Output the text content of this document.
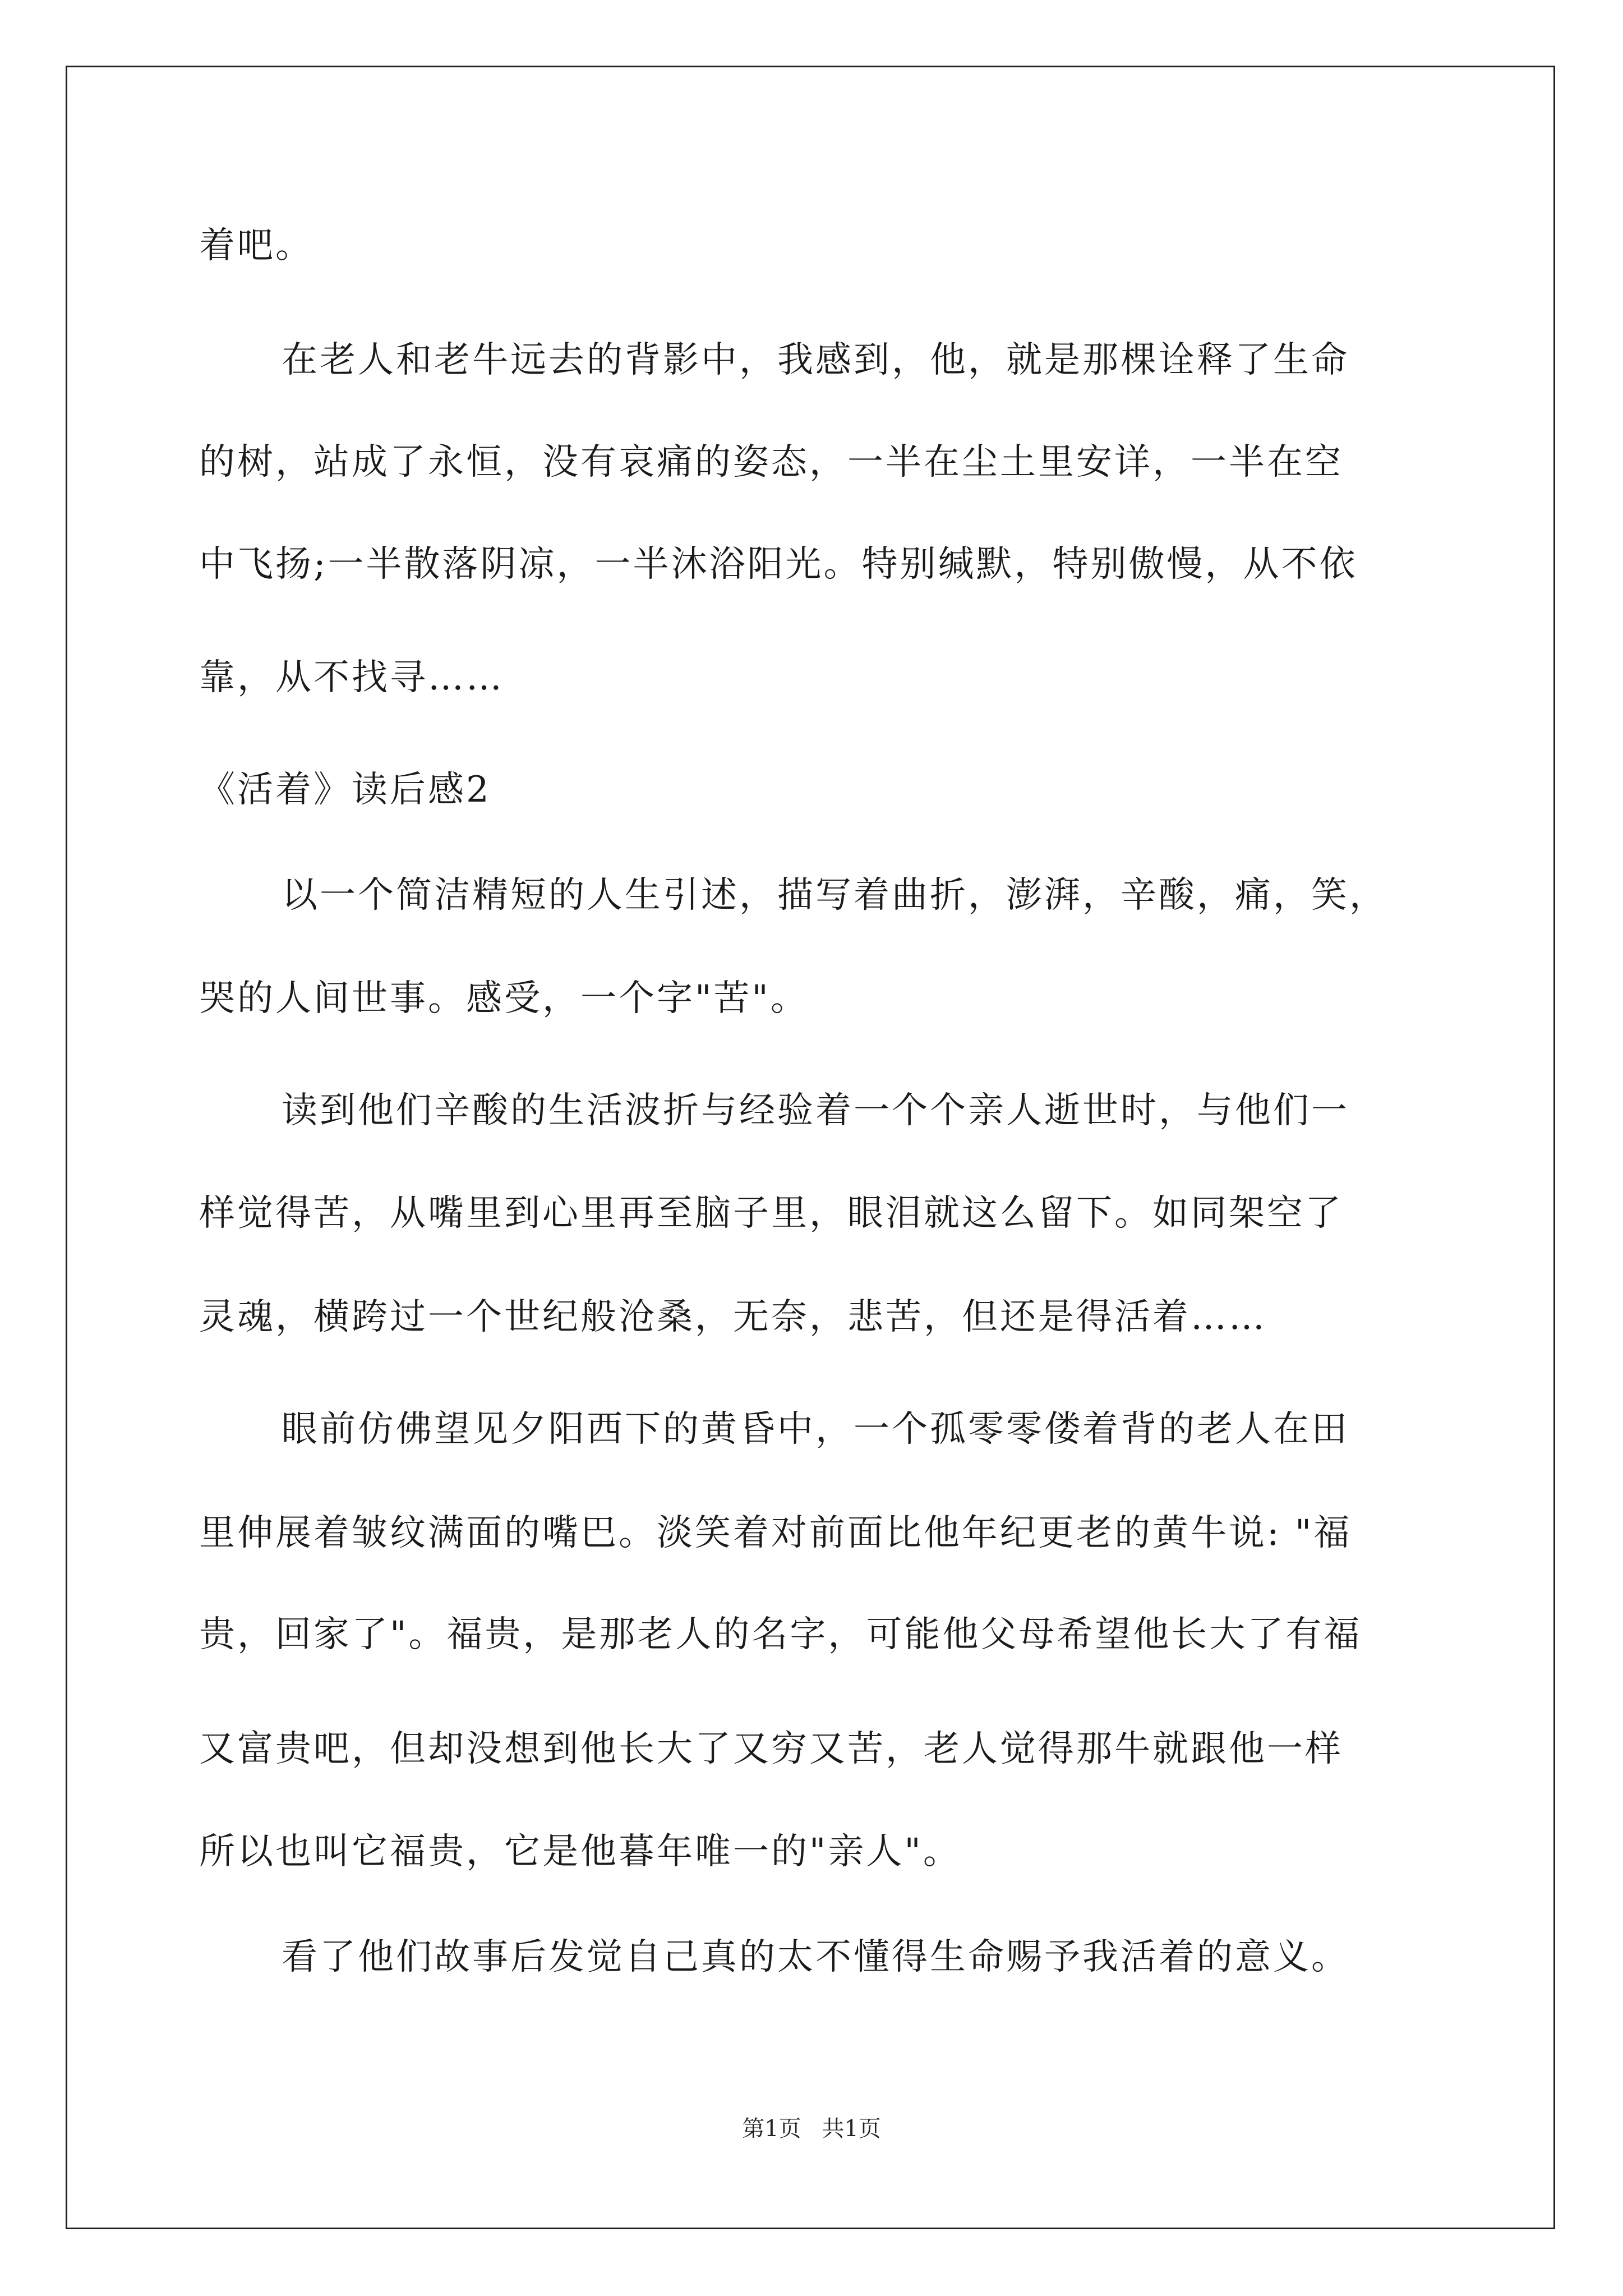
着吧。
在老人和老牛远去的背影中，我感到，他，就是那棵诠释了生命
的树，站成了永恒，没有哀痛的姿态，一半在尘土里安详，一半在空
中飞扬;一半散落阴凉，一半沐浴阳光。特别缄默，特别傲慢，从不依
靠，从不找寻……
《活着》读后感2
以一个简洁精短的人生引述，描写着曲折，澎湃，辛酸，痛，笑，
哭的人间世事。感受，一个字"苦"。
读到他们辛酸的生活波折与经验着一个个亲人逝世时，与他们一
样觉得苦，从嘴里到心里再至脑子里，眼泪就这么留下。如同架空了
灵魂，横跨过一个世纪般沧桑，无奈，悲苦，但还是得活着……
眼前仿佛望见夕阳西下的黄昏中，一个孤零零偻着背的老人在田
里伸展着皱纹满面的嘴巴。淡笑着对前面比他年纪更老的黄牛说: "福
贵，回家了"。福贵，是那老人的名字，可能他父母希望他长大了有福
又富贵吧，但却没想到他长大了又穷又苦，老人觉得那牛就跟他一样
所以也叫它福贵，它是他暮年唯一的"亲人"。
看了他们故事后发觉自己真的太不懂得生命赐予我活着的意义。
第1页 共1页
